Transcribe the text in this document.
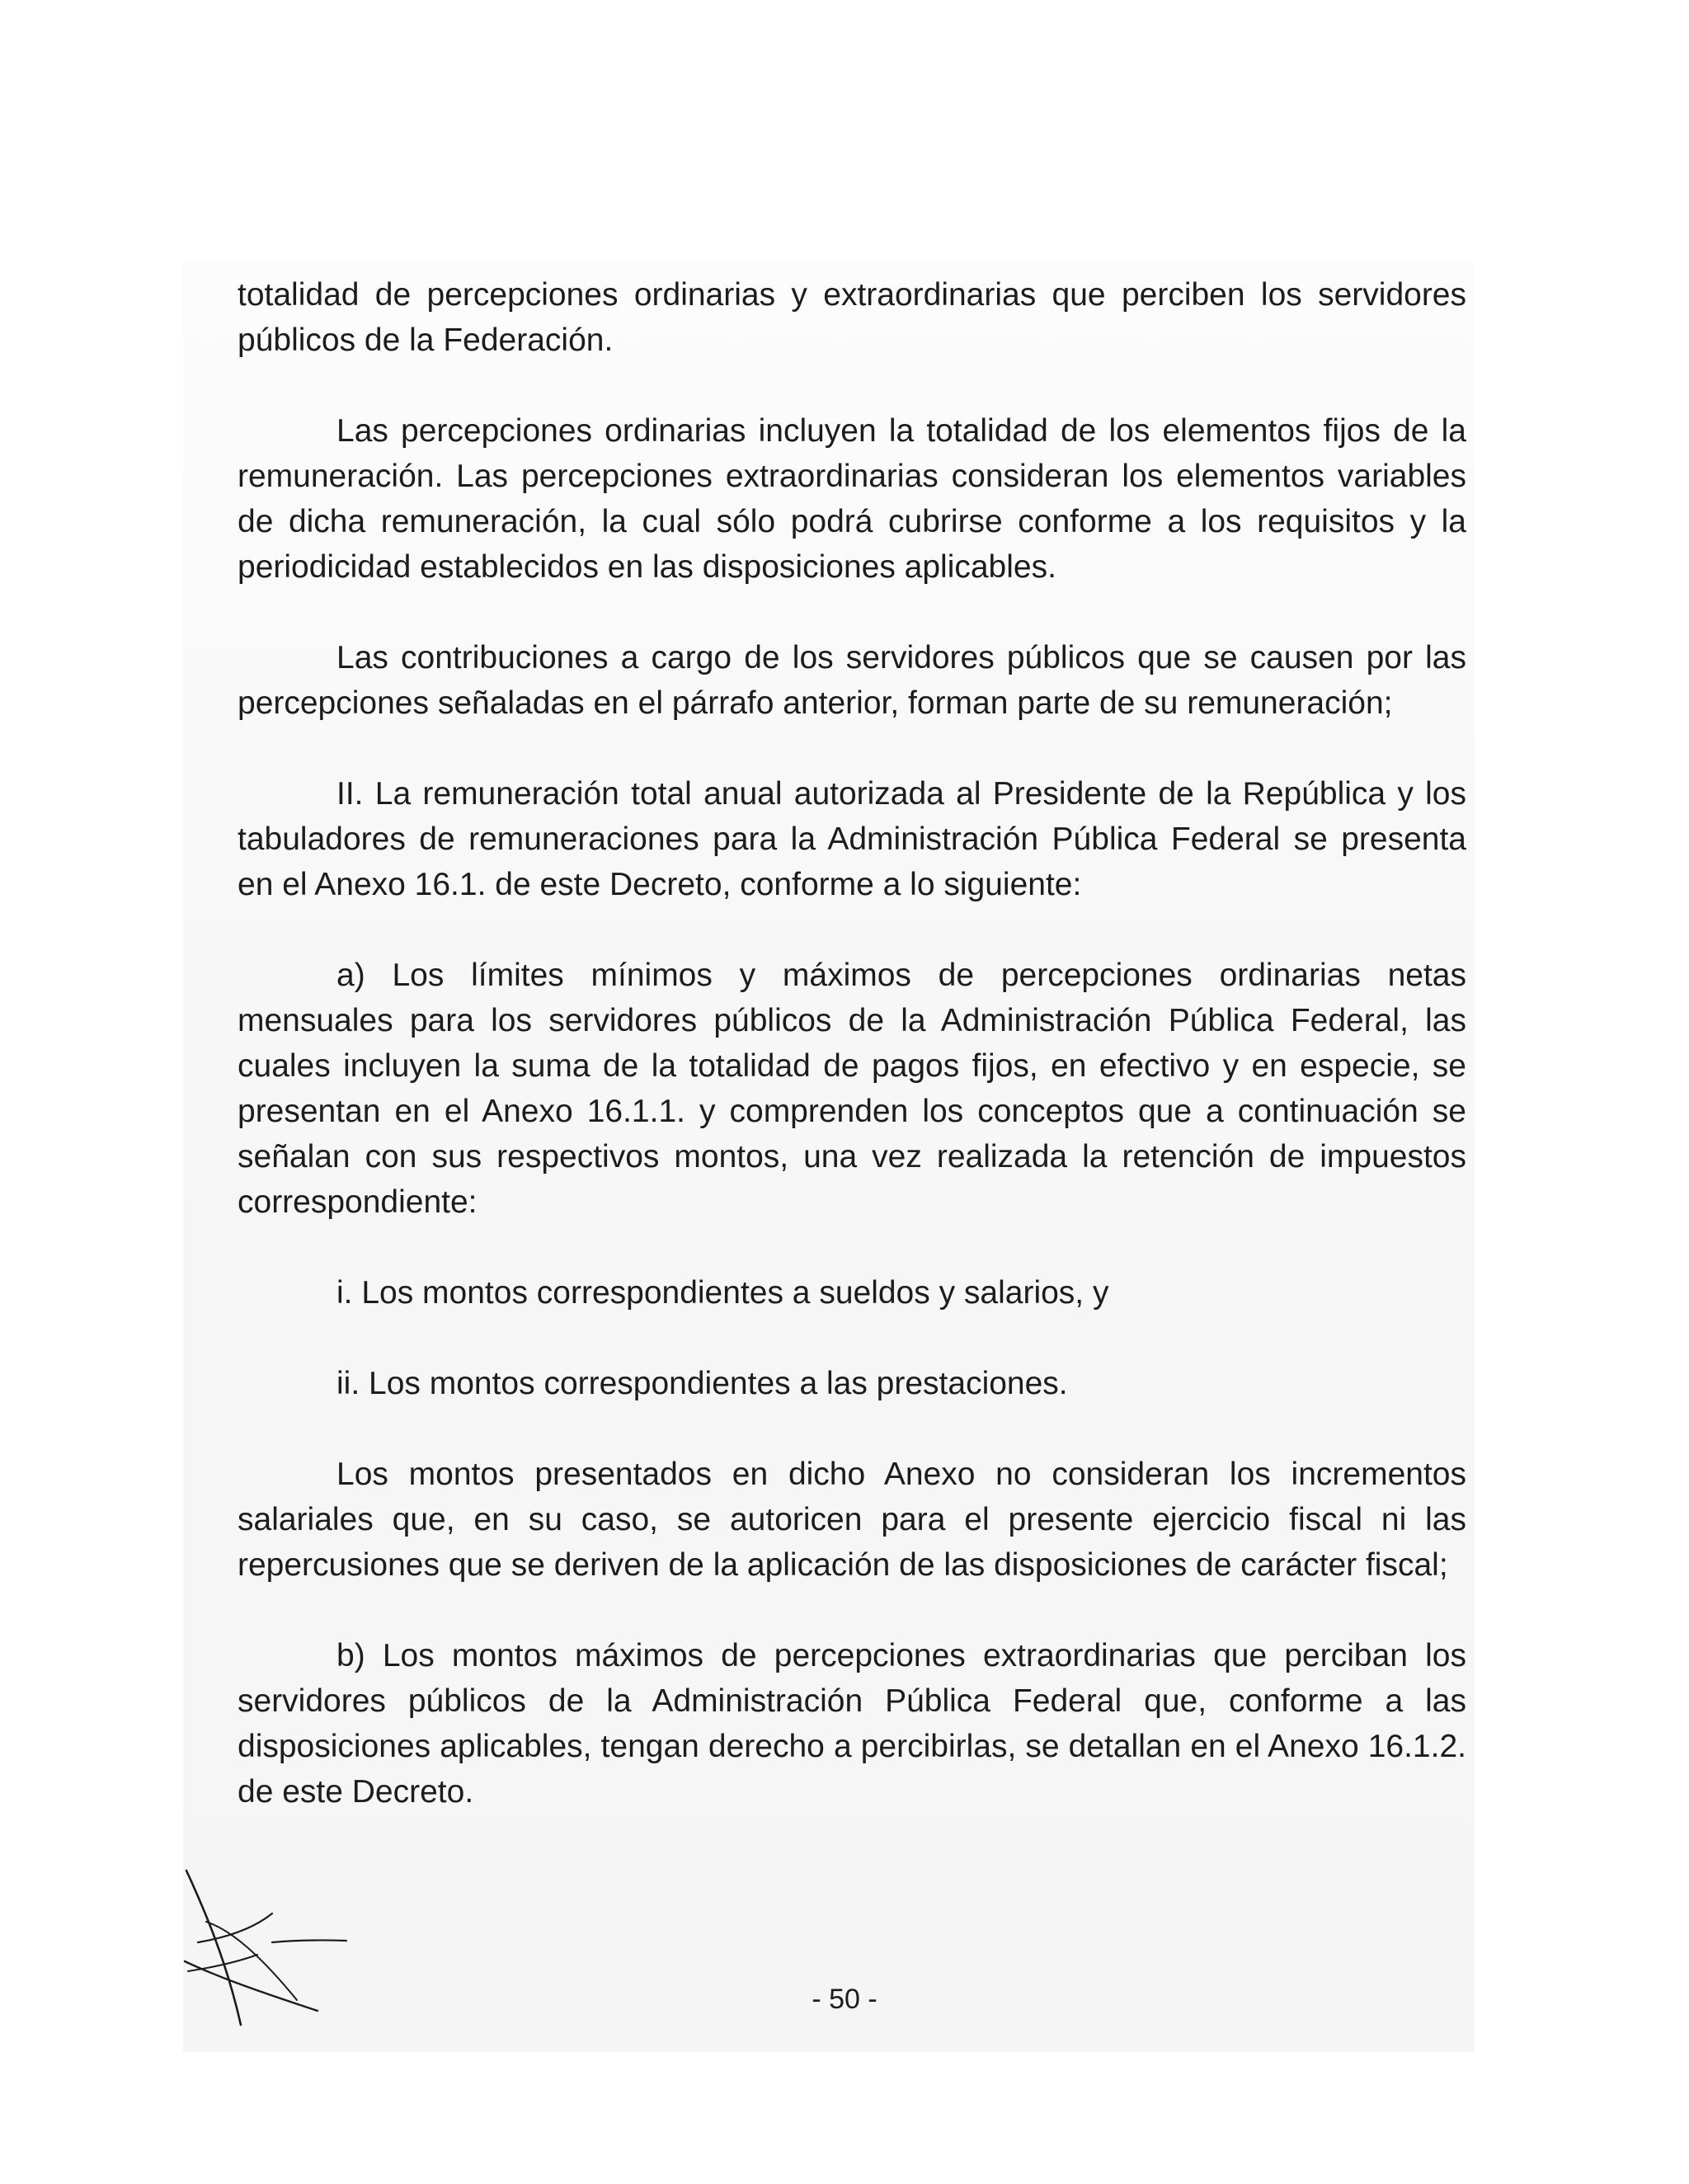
totalidad de percepciones ordinarias y extraordinarias que perciben los servidores públicos de la Federación.

Las percepciones ordinarias incluyen la totalidad de los elementos fijos de la remuneración. Las percepciones extraordinarias consideran los elementos variables de dicha remuneración, la cual sólo podrá cubrirse conforme a los requisitos y la periodicidad establecidos en las disposiciones aplicables.

Las contribuciones a cargo de los servidores públicos que se causen por las percepciones señaladas en el párrafo anterior, forman parte de su remuneración;

II. La remuneración total anual autorizada al Presidente de la República y los tabuladores de remuneraciones para la Administración Pública Federal se presenta en el Anexo 16.1. de este Decreto, conforme a lo siguiente:

a) Los límites mínimos y máximos de percepciones ordinarias netas mensuales para los servidores públicos de la Administración Pública Federal, las cuales incluyen la suma de la totalidad de pagos fijos, en efectivo y en especie, se presentan en el Anexo 16.1.1. y comprenden los conceptos que a continuación se señalan con sus respectivos montos, una vez realizada la retención de impuestos correspondiente:

i. Los montos correspondientes a sueldos y salarios, y

ii. Los montos correspondientes a las prestaciones.

Los montos presentados en dicho Anexo no consideran los incrementos salariales que, en su caso, se autoricen para el presente ejercicio fiscal ni las repercusiones que se deriven de la aplicación de las disposiciones de carácter fiscal;

b) Los montos máximos de percepciones extraordinarias que perciban los servidores públicos de la Administración Pública Federal que, conforme a las disposiciones aplicables, tengan derecho a percibirlas, se detallan en el Anexo 16.1.2. de este Decreto.

- 50 -
